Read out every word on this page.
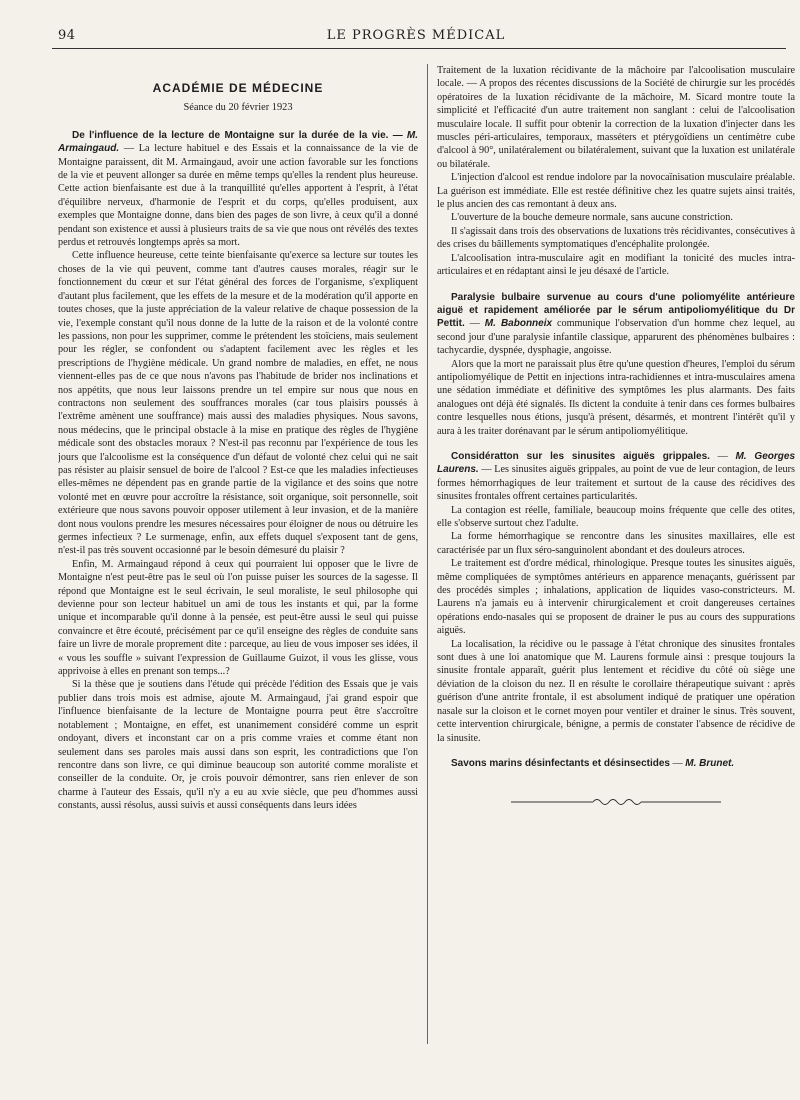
94	LE PROGRÈS MÉDICAL
ACADÉMIE DE MÉDECINE
Séance du 20 février 1923

De l'influence de la lecture de Montaigne sur la durée de la vie. — M. Armaingaud. — La lecture habituel e des Essais et la connaissance de la vie de Montaigne paraissent, dit M. Armaingaud, avoir une action favorable sur les fonctions de la vie et peuvent allonger sa durée en même temps qu'elles la rendent plus heureuse. Cette action bienfaisante est due à la tranquillité qu'elles apportent à l'esprit, à l'état d'équilibre nerveux, d'harmonie de l'esprit et du corps, qu'elles produisent, aux exemples que Montaigne donne, dans bien des pages de son livre, à ceux qu'il a donné pendant son existence et aussi à plusieurs traits de sa vie que nous ont révélés des textes perdus et retrouvés longtemps après sa mort.

Cette influence heureuse, cette teinte bienfaisante qu'exerce sa lecture sur toutes les choses de la vie qui peuvent, comme tant d'autres causes morales, réagir sur le fonctionnement du cœur et sur l'état général des forces de l'organisme, s'expliquent d'autant plus facilement, que les effets de la mesure et de la modération qu'il apporte en toutes choses, que la juste appréciation de la valeur relative de chaque possession de la vie, l'exemple constant qu'il nous donne de la lutte de la raison et de la volonté contre les passions, non pour les supprimer, comme le prétendent les stoïciens, mais seulement pour les régler, se confondent ou s'adaptent facilement avec les règles et les prescriptions de l'hygiène médicale. Un grand nombre de maladies, en effet, ne nous viennent-elles pas de ce que nous n'avons pas l'habitude de brider nos inclinations et nos appétits, que nous leur laissons prendre un tel empire sur nous que nous en contractons non seulement des souffrances morales (car tous plaisirs poussés à l'extrême amènent une souffrance) mais aussi des maladies physiques. Nous savons, nous médecins, que le principal obstacle à la mise en pratique des règles de l'hygiène médicale sont des obstacles moraux ? N'est-il pas reconnu par l'expérience de tous les jours que l'alcoolisme est la conséquence d'un défaut de volonté chez celui qui ne sait pas résister au plaisir sensuel de boire de l'alcool ? Est-ce que les maladies infectieuses elles-mêmes ne dépendent pas en grande partie de la vigilance et des soins que notre volonté met en œuvre pour accroître la résistance, soit organique, soit personnelle, soit extérieure que nous savons pouvoir opposer utilement à leur invasion, et de la manière dont nous voulons prendre les mesures nécessaires pour éloigner de nous ou détruire les germes infectieux ? Le surmenage, enfin, aux effets duquel s'exposent tant de gens, n'est-il pas très souvent occasionné par le besoin démesuré du plaisir ?

Enfin, M. Armaingaud répond à ceux qui pourraient lui opposer que le livre de Montaigne n'est peut-être pas le seul où l'on puisse puiser les sources de la sagesse. Il répond que Montaigne est le seul écrivain, le seul moraliste, le seul philosophe qui devienne pour son lecteur habituel un ami de tous les instants et qui, par la forme unique et incomparable qu'il donne à la pensée, est peut-être aussi le seul qui puisse convaincre et être écouté, précisément par ce qu'il enseigne des règles de conduite sans faire un livre de morale proprement dite : parceque, au lieu de vous imposer ses idées, il « vous les souffle » suivant l'expression de Guillaume Guizot, il vous les glisse, vous apprivoise à elles en prenant son temps...?

Si la thèse que je soutiens dans l'étude qui précède l'édition des Essais que je vais publier dans trois mois est admise, ajoute M. Armaingaud, j'ai grand espoir que l'influence bienfaisante de la lecture de Montaigne pourra peut être s'accroître notablement ; Montaigne, en effet, est unanimement considéré comme un esprit ondoyant, divers et inconstant car on a pris comme vraies et comme étant non seulement dans ses paroles mais aussi dans son esprit, les contradictions que l'on rencontre dans son livre, ce qui diminue beaucoup son autorité comme moraliste et conseiller de la conduite. Or, je crois pouvoir démontrer, sans rien enlever de son charme à l'auteur des Essais, qu'il n'y a eu au xvie siècle, que peu d'hommes aussi constants, aussi résolus, aussi suivis et aussi conséquents dans leurs idées

Traitement de la luxation récidivante de la mâchoire par l'alcoolisation musculaire locale. — A propos des récentes discussions de la Société de chirurgie sur les procédés opératoires de la luxation récidivante de la mâchoire, M. Sicard montre toute la simplicité et l'efficacité d'un autre traitement non sanglant : celui de l'alcoolisation musculaire locale. Il suffit pour obtenir la correction de la luxation d'injecter dans les muscles péri-articulaires, temporaux, masséters et ptérygoïdiens un centimètre cube d'alcool à 90°, unilatéralement ou bilatéralement, suivant que la luxation est unilatérale ou bilatérale.

L'injection d'alcool est rendue indolore par la novocaïnisation musculaire préalable. La guérison est immédiate. Elle est restée définitive chez les quatre sujets ainsi traités, le plus ancien des cas remontant à deux ans.

L'ouverture de la bouche demeure normale, sans aucune constriction.

Il s'agissait dans trois des observations de luxations très récidivantes, consécutives à des crises du bâillements symptomatiques d'encéphalite prolongée.

L'alcoolisation intra-musculaire agit en modifiant la tonicité des mucles intra-articulaires et en rédaptant ainsi le jeu désaxé de l'article.

Paralysie bulbaire survenue au cours d'une poliomyélite antérieure aiguë et rapidement améliorée par le sérum antipoliomyélitique du Dr Pettit. — M. Babonneix communique l'observation d'un homme chez lequel, au second jour d'une paralysie infantile classique, apparurent des phénomènes bulbaires : tachycardie, dyspnée, dysphagie, angoisse.

Alors que la mort ne paraissait plus être qu'une question d'heures, l'emploi du sérum antipoliomyélique de Pettit en injections intra-rachidiennes et intra-musculaires amena une sédation immédiate et définitive des symptômes les plus alarmants. Des faits analogues ont déjà été signalés. Ils dictent la conduite à tenir dans ces formes bulbaires contre lesquelles nous étions, jusqu'à présent, désarmés, et montrent l'intérêt qu'il y aura à les traiter dorénavant par le sérum antipoliomyélitique.

Considératton sur les sinusites aiguës grippales. — M. Georges Laurens. — Les sinusites aiguës grippales, au point de vue de leur contagion, de leurs formes hémorrhagiques de leur traitement et surtout de la cause des récidives des sinusites frontales offrent certaines particularités.

La contagion est réelle, familiale, beaucoup moins fréquente que celle des otites, elle s'observe surtout chez l'adulte.

La forme hémorrhagique se rencontre dans les sinusites maxillaires, elle est caractérisée par un flux séro-sanguinolent abondant et des douleurs atroces.

Le traitement est d'ordre médical, rhinologique. Presque toutes les sinusites aiguës, même compliquées de symptômes antérieurs en apparence menaçants, guérissent par des procédés simples ; inhalations, application de liquides vaso-constricteurs. M. Laurens n'a jamais eu à intervenir chirurgicalement et croit dangereuses certaines opérations endo-nasales qui se proposent de drainer le pus au cours des suppurations aiguës.

La localisation, la récidive ou le passage à l'état chronique des sinusites frontales sont dues à une loi anatomique que M. Laurens formule ainsi : presque toujours la sinusite frontale apparaît, guérit plus lentement et récidive du côté où siège une déviation de la cloison du nez. Il en résulte le corollaire thérapeutique suivant : après guérison d'une antrite frontale, il est absolument indiqué de pratiquer une opération nasale sur la cloison et le cornet moyen pour ventiler et drainer le sinus. Très souvent, cette intervention chirurgicale, bénigne, a permis de constater l'absence de récidive de la sinusite.

Savons marins désinfectants et désinsectides — M. Brunet.
